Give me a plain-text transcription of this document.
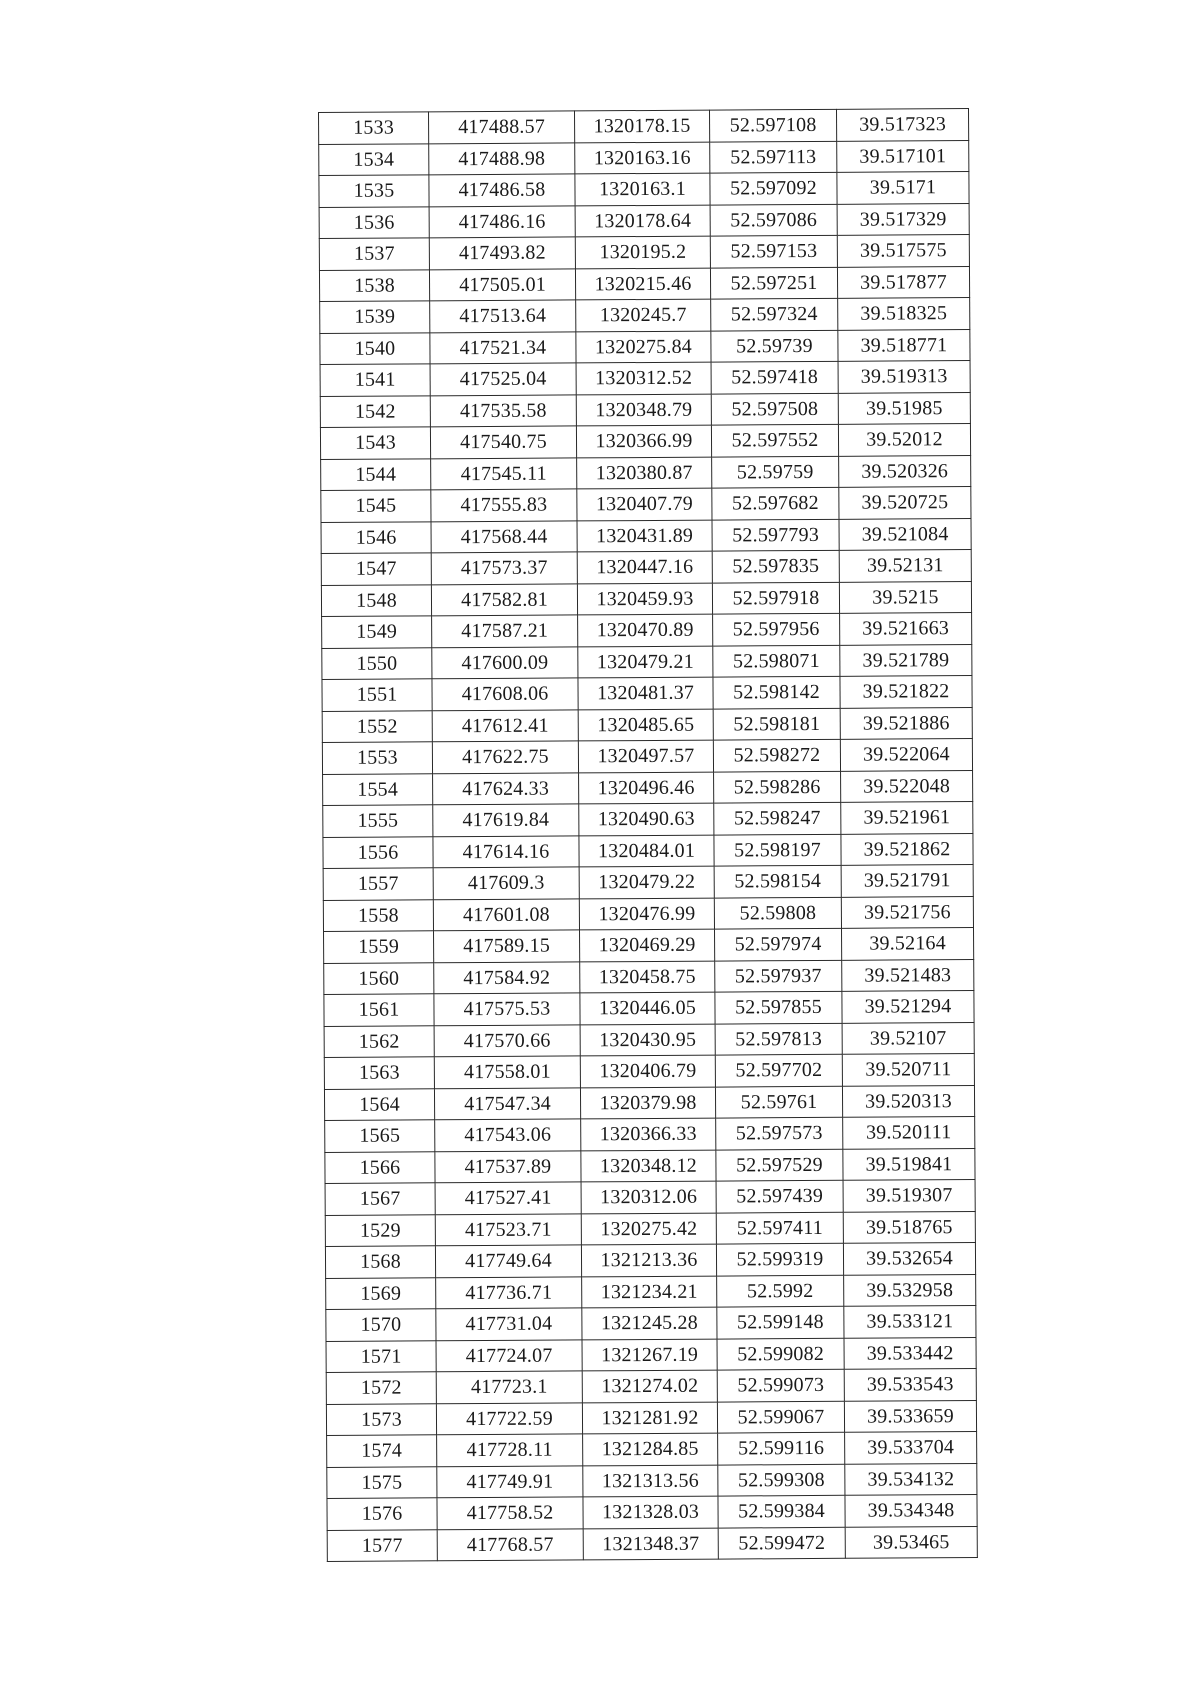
1533	417488.57	1320178.15	52.597108	39.517323
1534	417488.98	1320163.16	52.597113	39.517101
1535	417486.58	1320163.1	52.597092	39.5171
1536	417486.16	1320178.64	52.597086	39.517329
1537	417493.82	1320195.2	52.597153	39.517575
1538	417505.01	1320215.46	52.597251	39.517877
1539	417513.64	1320245.7	52.597324	39.518325
1540	417521.34	1320275.84	52.59739	39.518771
1541	417525.04	1320312.52	52.597418	39.519313
1542	417535.58	1320348.79	52.597508	39.51985
1543	417540.75	1320366.99	52.597552	39.52012
1544	417545.11	1320380.87	52.59759	39.520326
1545	417555.83	1320407.79	52.597682	39.520725
1546	417568.44	1320431.89	52.597793	39.521084
1547	417573.37	1320447.16	52.597835	39.52131
1548	417582.81	1320459.93	52.597918	39.5215
1549	417587.21	1320470.89	52.597956	39.521663
1550	417600.09	1320479.21	52.598071	39.521789
1551	417608.06	1320481.37	52.598142	39.521822
1552	417612.41	1320485.65	52.598181	39.521886
1553	417622.75	1320497.57	52.598272	39.522064
1554	417624.33	1320496.46	52.598286	39.522048
1555	417619.84	1320490.63	52.598247	39.521961
1556	417614.16	1320484.01	52.598197	39.521862
1557	417609.3	1320479.22	52.598154	39.521791
1558	417601.08	1320476.99	52.59808	39.521756
1559	417589.15	1320469.29	52.597974	39.52164
1560	417584.92	1320458.75	52.597937	39.521483
1561	417575.53	1320446.05	52.597855	39.521294
1562	417570.66	1320430.95	52.597813	39.52107
1563	417558.01	1320406.79	52.597702	39.520711
1564	417547.34	1320379.98	52.59761	39.520313
1565	417543.06	1320366.33	52.597573	39.520111
1566	417537.89	1320348.12	52.597529	39.519841
1567	417527.41	1320312.06	52.597439	39.519307
1529	417523.71	1320275.42	52.597411	39.518765
1568	417749.64	1321213.36	52.599319	39.532654
1569	417736.71	1321234.21	52.5992	39.532958
1570	417731.04	1321245.28	52.599148	39.533121
1571	417724.07	1321267.19	52.599082	39.533442
1572	417723.1	1321274.02	52.599073	39.533543
1573	417722.59	1321281.92	52.599067	39.533659
1574	417728.11	1321284.85	52.599116	39.533704
1575	417749.91	1321313.56	52.599308	39.534132
1576	417758.52	1321328.03	52.599384	39.534348
1577	417768.57	1321348.37	52.599472	39.53465
